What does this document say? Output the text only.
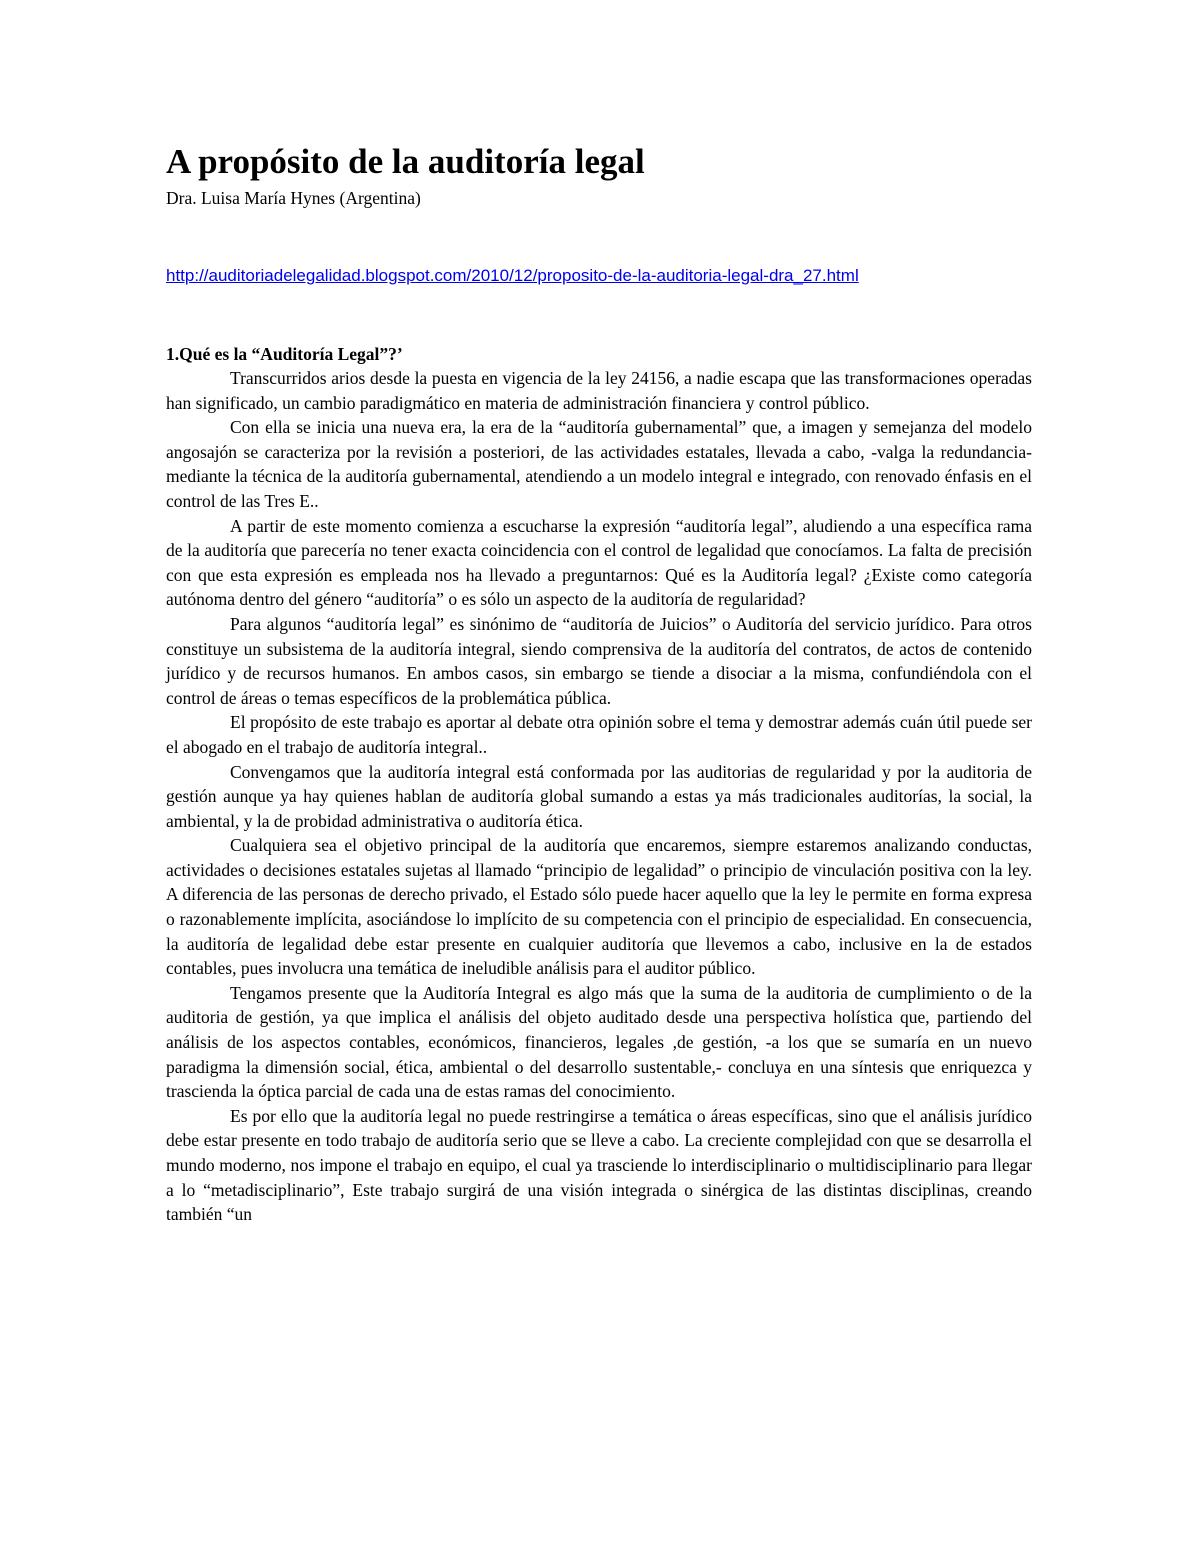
A propósito de la auditoría legal
Dra. Luisa María Hynes (Argentina)
http://auditoriadelegalidad.blogspot.com/2010/12/proposito-de-la-auditoria-legal-dra_27.html
1.Qué es la “Auditoría Legal”?’

Transcurridos arios desde la puesta en vigencia de la ley 24156, a nadie escapa que las transformaciones operadas han significado, un cambio paradigmático en materia de administración financiera y control público.

Con ella se inicia una nueva era, la era de la “auditoría gubernamental” que, a imagen y semejanza del modelo angosajón se caracteriza por la revisión a posteriori, de las actividades estatales, llevada a cabo, -valga la redundancia- mediante la técnica de la auditoría gubernamental, atendiendo a un modelo integral e integrado, con renovado énfasis en el control de las Tres E..

A partir de este momento comienza a escucharse la expresión “auditoría legal”, aludiendo a una específica rama de la auditoría que parecería no tener exacta coincidencia con el control de legalidad que conocíamos. La falta de precisión con que esta expresión es empleada nos ha llevado a preguntarnos: Qué es la Auditoría legal? ¿Existe como categoría autónoma dentro del género “auditoría” o es sólo un aspecto de la auditoría de regularidad?

Para algunos “auditoría legal” es sinónimo de “auditoría de Juicios” o Auditoría del servicio jurídico. Para otros constituye un subsistema de la auditoría integral, siendo comprensiva de la auditoría del contratos, de actos de contenido jurídico y de recursos humanos. En ambos casos, sin embargo se tiende a disociar a la misma, confundiéndola con el control de áreas o temas específicos de la problemática pública.

El propósito de este trabajo es aportar al debate otra opinión sobre el tema y demostrar además cuán útil puede ser el abogado en el trabajo de auditoría integral..

Convengamos que la auditoría integral está conformada por las auditorias de regularidad y por la auditoria de gestión aunque ya hay quienes hablan de auditoría global sumando a estas ya más tradicionales auditorías, la social, la ambiental, y la de probidad administrativa o auditoría ética.

Cualquiera sea el objetivo principal de la auditoría que encaremos, siempre estaremos analizando conductas, actividades o decisiones estatales sujetas al llamado “principio de legalidad” o principio de vinculación positiva con la ley. A diferencia de las personas de derecho privado, el Estado sólo puede hacer aquello que la ley le permite en forma expresa o razonablemente implícita, asociándose lo implícito de su competencia con el principio de especialidad. En consecuencia, la auditoría de legalidad debe estar presente en cualquier auditoría que llevemos a cabo, inclusive en la de estados contables, pues involucra una temática de ineludible análisis para el auditor público.

Tengamos presente que la Auditoría Integral es algo más que la suma de la auditoria de cumplimiento o de la auditoria de gestión, ya que implica el análisis del objeto auditado desde una perspectiva holística que, partiendo del análisis de los aspectos contables, económicos, financieros, legales ,de gestión, -a los que se sumaría en un nuevo paradigma la dimensión social, ética, ambiental o del desarrollo sustentable,- concluya en una síntesis que enriquezca y trascienda la óptica parcial de cada una de estas ramas del conocimiento.

Es por ello que la auditoría legal no puede restringirse a temática o áreas específicas, sino que el análisis jurídico debe estar presente en todo trabajo de auditoría serio que se lleve a cabo. La creciente complejidad con que se desarrolla el mundo moderno, nos impone el trabajo en equipo, el cual ya trasciende lo interdisciplinario o multidisciplinario para llegar a lo “metadisciplinario”, Este trabajo surgirá de una visión integrada o sinérgica de las distintas disciplinas, creando también “un
